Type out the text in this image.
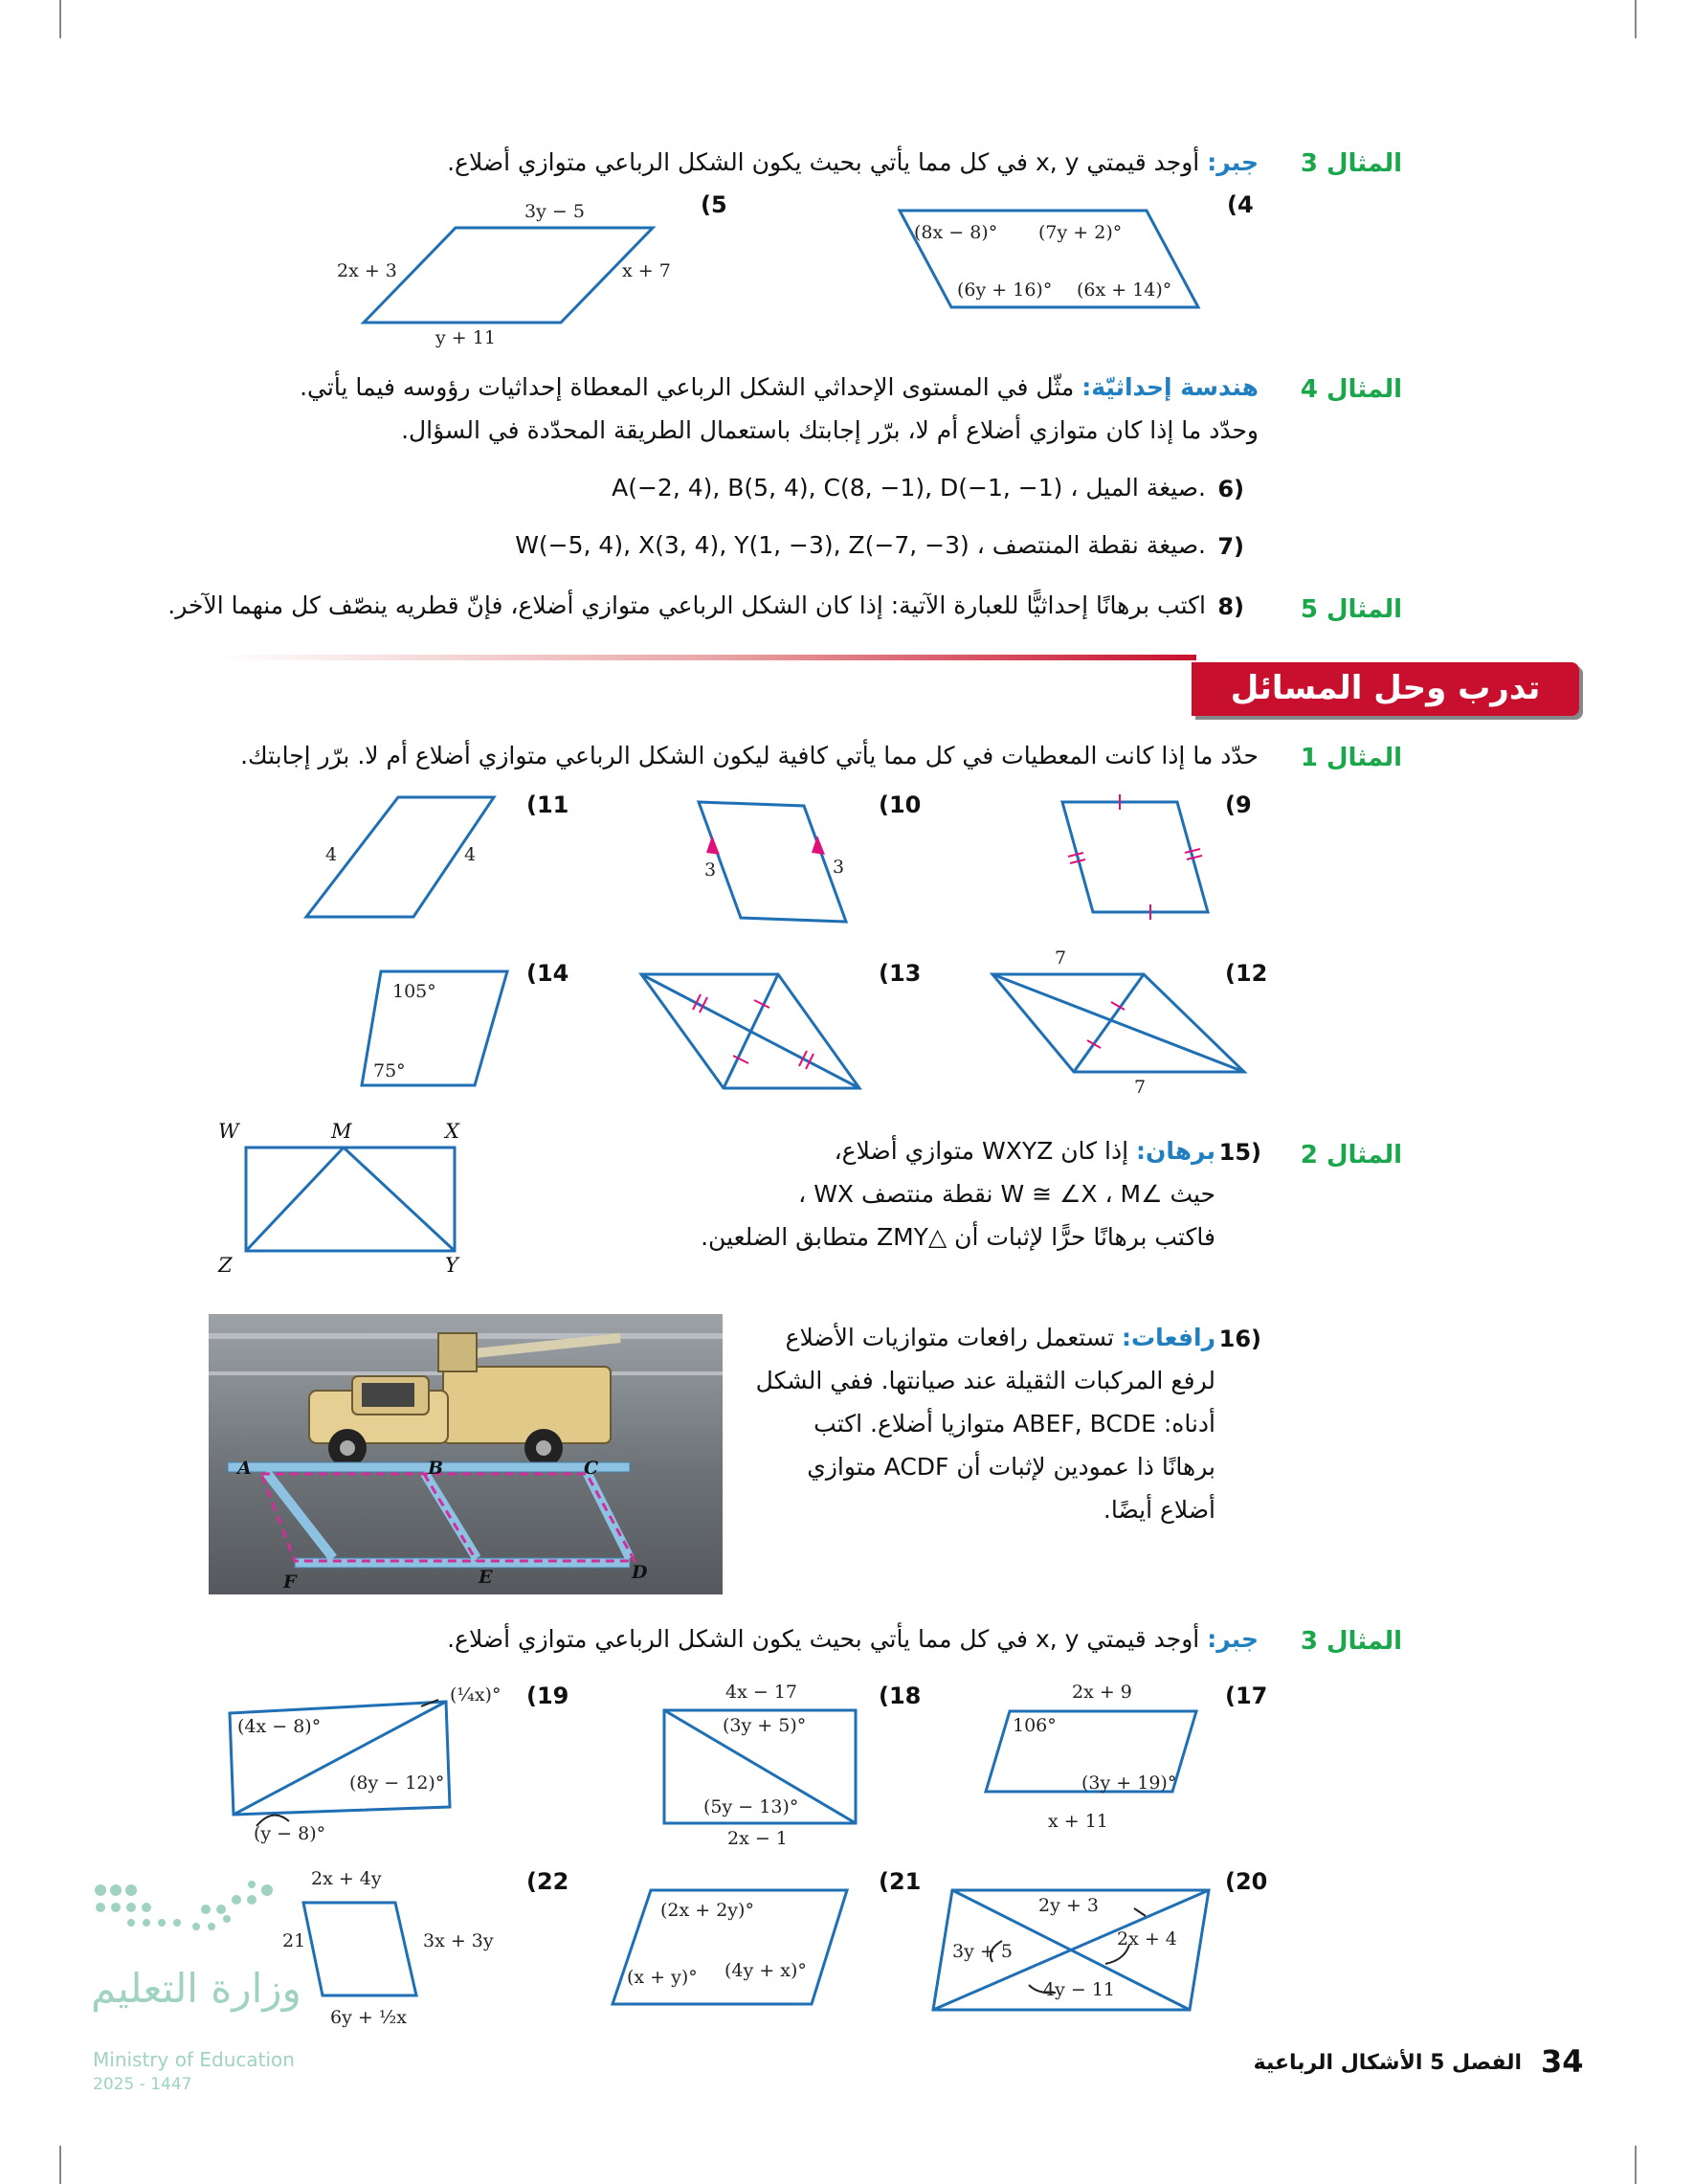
المثال 3
جبر: أوجد قيمتي x, y في كل مما يأتي بحيث يكون الشكل الرباعي متوازي أضلاع.
(4
(8x − 8)° (7y + 2)°
(6y + 16)° (6x + 14)°
(5
3y − 5
2x + 3	x + 7
y + 11
المثال 4
هندسة إحداثيّة: مثّل في المستوى الإحداثي الشكل الرباعي المعطاة إحداثيات رؤوسه فيما يأتي.
وحدّد ما إذا كان متوازي أضلاع أم لا، برّر إجابتك باستعمال الطريقة المحدّدة في السؤال.
6)
A(−2, 4), B(5, 4), C(8, −1), D(−1, −1) ، صيغة الميل.
7)
W(−5, 4), X(3, 4), Y(1, −3), Z(−7, −3) ، صيغة نقطة المنتصف.
المثال 5
8)
اكتب برهانًا إحداثيًّا للعبارة الآتية: إذا كان الشكل الرباعي متوازي أضلاع، فإنّ قطريه ينصّف كل منهما الآخر.
تدرب وحل المسائل
المثال 1
حدّد ما إذا كانت المعطيات في كل مما يأتي كافية ليكون الشكل الرباعي متوازي أضلاع أم لا. برّر إجابتك.
(9
(10
3	3
(11
4	4
(12
7
7
(13
(14
105°
75°
المثال 2
15)
برهان: إذا كان WXYZ متوازي أضلاع،
حيث ∠W ≅ ∠X ، M نقطة منتصف WX ،
فاكتب برهانًا حرًّا لإثبات أن △ZMY متطابق الضلعين.
W	M	X
Z	Y
16)
رافعات: تستعمل رافعات متوازيات الأضلاع
لرفع المركبات الثقيلة عند صيانتها. ففي الشكل
أدناه: ABEF, BCDE متوازيا أضلاع. اكتب
برهانًا ذا عمودين لإثبات أن ACDF متوازي
أضلاع أيضًا.
A	B	C
F	E	D
المثال 3
جبر: أوجد قيمتي x, y في كل مما يأتي بحيث يكون الشكل الرباعي متوازي أضلاع.
(17
2x + 9
106°
(3y + 19)°
x + 11
(18
4x − 17
(3y + 5)°
(5y − 13)°
2x − 1
(19
(¼x)°
(4x − 8)°
(8y − 12)°
(y − 8)°
(20
2y + 3
3y + 5
2x + 4
4y − 11
(21
(2x + 2y)°
(x + y)° (4y + x)°
(22
2x + 4y
21	3x + 3y
6y + ½x
34
الفصل 5 الأشكال الرباعية
وزارة التعليم
Ministry of Education
2025 - 1447
